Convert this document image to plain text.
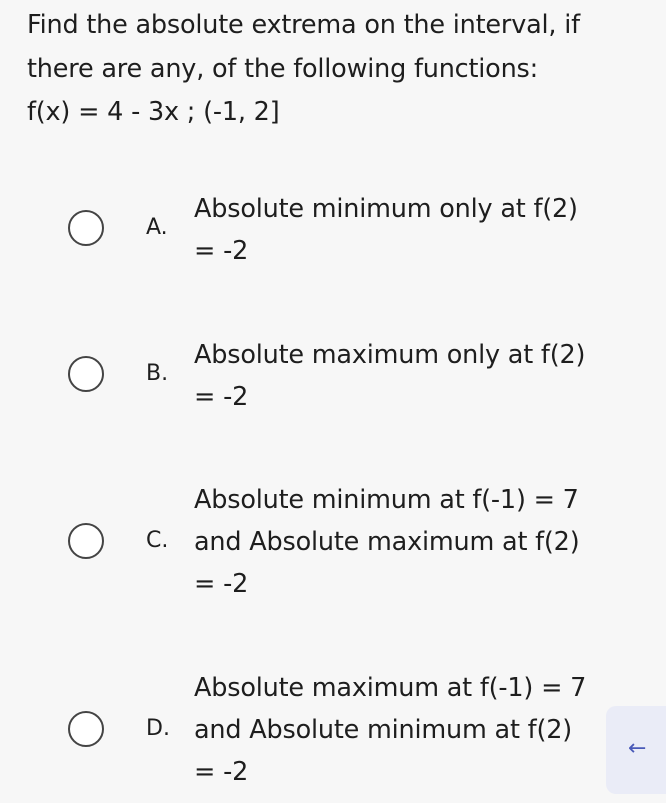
Find the absolute extrema on the interval, if
there are any, of the following functions:
f(x) = 4 - 3x ; (-1, 2]
A.
Absolute minimum only at f(2)
= -2
B.
Absolute maximum only at f(2)
= -2
C.
Absolute minimum at f(-1) = 7
and Absolute maximum at f(2)
= -2
D.
Absolute maximum at f(-1) = 7
and Absolute minimum at f(2)
= -2
←
